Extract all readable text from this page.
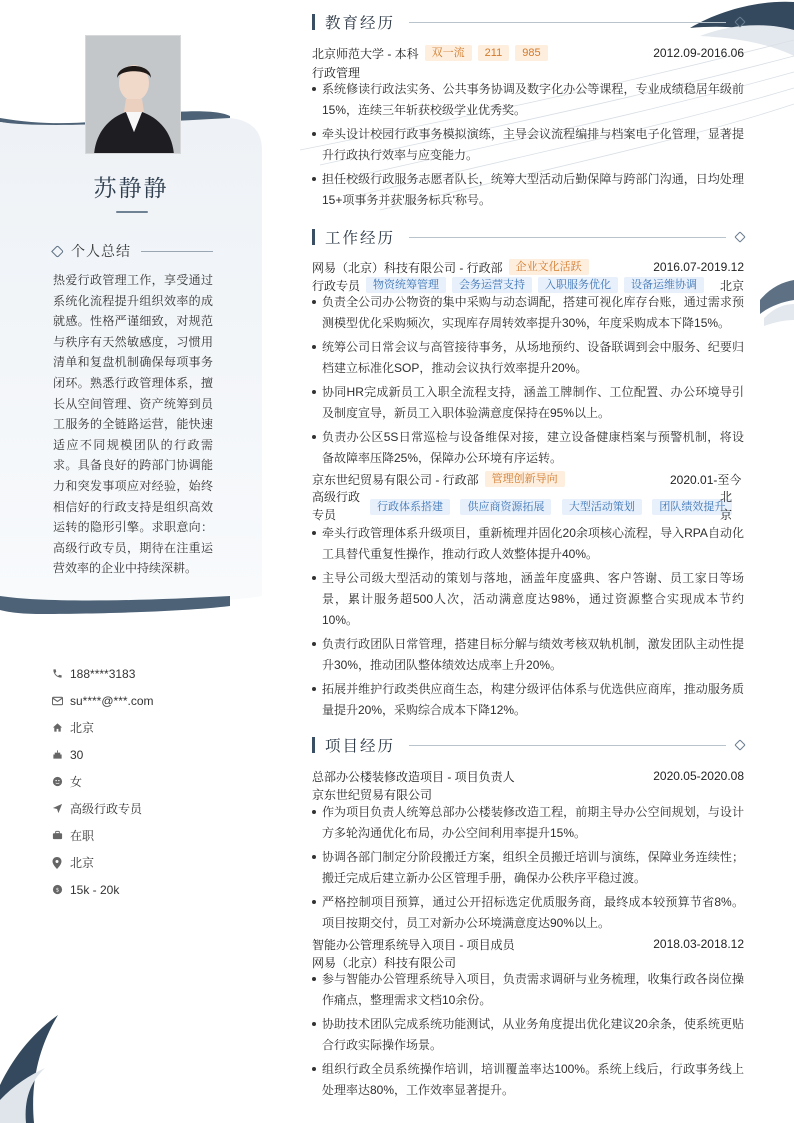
苏静静
个人总结
热爱行政管理工作，享受通过系统化流程提升组织效率的成就感。性格严谨细致，对规范与秩序有天然敏感度，习惯用清单和复盘机制确保每项事务闭环。熟悉行政管理体系，擅长从空间管理、资产统筹到员工服务的全链路运营，能快速适应不同规模团队的行政需求。具备良好的跨部门协调能力和突发事项应对经验，始终相信好的行政支持是组织高效运转的隐形引擎。求职意向：高级行政专员，期待在注重运营效率的企业中持续深耕。
188****3183
su****@***.com
北京
30
女
高级行政专员
在职
北京
$ 15k - 20k
教育经历
北京师范大学 - 本科	双一流	211	985	2012.09-2016.06
行政管理
系统修读行政法实务、公共事务协调及数字化办公等课程，专业成绩稳居年级前15%，连续三年斩获校级学业优秀奖。
牵头设计校园行政事务模拟演练，主导会议流程编排与档案电子化管理，显著提升行政执行效率与应变能力。
担任校级行政服务志愿者队长，统筹大型活动后勤保障与跨部门沟通，日均处理15+项事务并获'服务标兵'称号。
工作经历
网易（北京）科技有限公司 - 行政部	企业文化活跃	2016.07-2019.12
行政专员	物资统筹管理	会务运营支持	入职服务优化	设备运维协调	北京
负责全公司办公物资的集中采购与动态调配，搭建可视化库存台账，通过需求预测模型优化采购频次，实现库存周转效率提升30%，年度采购成本下降15%。
统筹公司日常会议与高管接待事务，从场地预约、设备联调到会中服务、纪要归档建立标准化SOP，推动会议执行效率提升20%。
协同HR完成新员工入职全流程支持，涵盖工牌制作、工位配置、办公环境导引及制度宣导，新员工入职体验满意度保持在95%以上。
负责办公区5S日常巡检与设备维保对接，建立设备健康档案与预警机制，将设备故障率压降25%，保障办公环境有序运转。
京东世纪贸易有限公司 - 行政部	管理创新导向	2020.01-至今
高级行政专员
行政体系搭建 供应商资源拓展 大型活动策划 团队绩效提升
北京
牵头行政管理体系升级项目，重新梳理并固化20余项核心流程，导入RPA自动化工具替代重复性操作，推动行政人效整体提升40%。
主导公司级大型活动的策划与落地，涵盖年度盛典、客户答谢、员工家日等场景，累计服务超500人次，活动满意度达98%，通过资源整合实现成本节约10%。
负责行政团队日常管理，搭建目标分解与绩效考核双轨机制，激发团队主动性提升30%，推动团队整体绩效达成率上升20%。
拓展并维护行政类供应商生态，构建分级评估体系与优选供应商库，推动服务质量提升20%，采购综合成本下降12%。
项目经历
总部办公楼装修改造项目 - 项目负责人	2020.05-2020.08
京东世纪贸易有限公司
作为项目负责人统筹总部办公楼装修改造工程，前期主导办公空间规划，与设计方多轮沟通优化布局，办公空间利用率提升15%。
协调各部门制定分阶段搬迁方案，组织全员搬迁培训与演练，保障业务连续性；搬迁完成后建立新办公区管理手册，确保办公秩序平稳过渡。
严格控制项目预算，通过公开招标选定优质服务商，最终成本较预算节省8%。项目按期交付，员工对新办公环境满意度达90%以上。
智能办公管理系统导入项目 - 项目成员	2018.03-2018.12
网易（北京）科技有限公司
参与智能办公管理系统导入项目，负责需求调研与业务梳理，收集行政各岗位操作痛点，整理需求文档10余份。
协助技术团队完成系统功能测试，从业务角度提出优化建议20余条，使系统更贴合行政实际操作场景。
组织行政全员系统操作培训，培训覆盖率达100%。系统上线后，行政事务线上处理率达80%，工作效率显著提升。
